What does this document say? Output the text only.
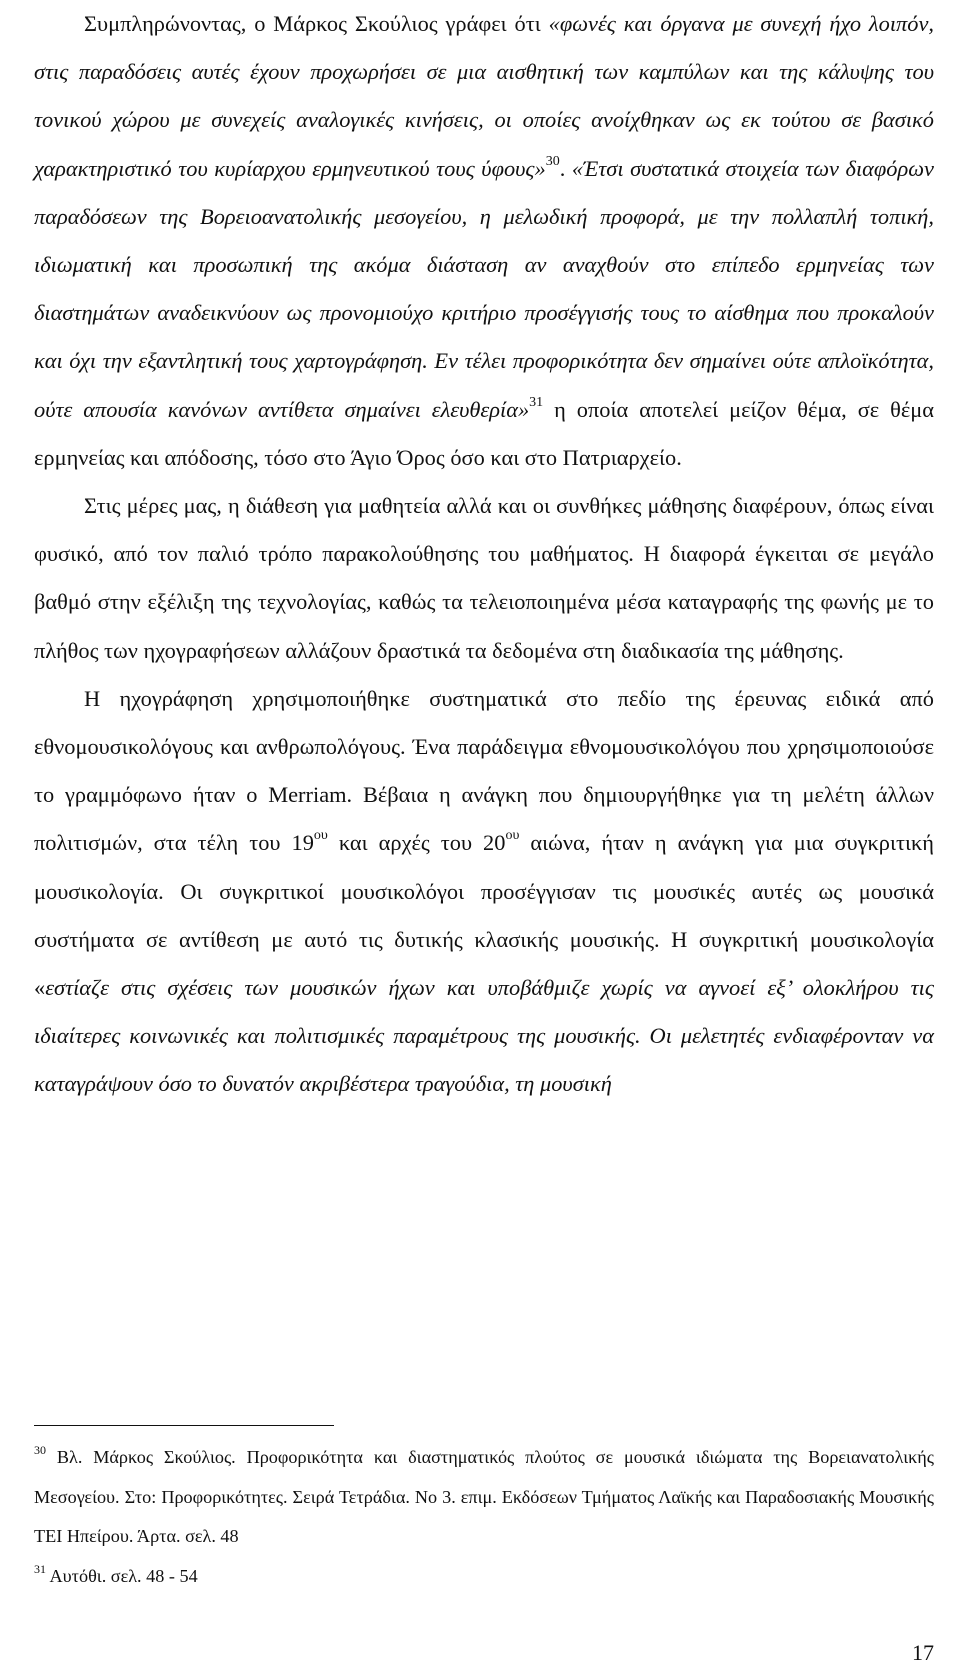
Συμπληρώνοντας, ο Μάρκος Σκούλιος γράφει ότι «φωνές και όργανα με συνεχή ήχο λοιπόν, στις παραδόσεις αυτές έχουν προχωρήσει σε μια αισθητική των καμπύλων και της κάλυψης του τονικού χώρου με συνεχείς αναλογικές κινήσεις, οι οποίες ανοίχθηκαν ως εκ τούτου σε βασικό χαρακτηριστικό του κυρίαρχου ερμηνευτικού τους ύφους»$^{30}$. «Έτσι συστατικά στοιχεία των διαφόρων παραδόσεων της Βορειοανατολικής μεσογείου, η μελωδική προφορά, με την πολλαπλή τοπική, ιδιωματική και προσωπική της ακόμα διάσταση αν αναχθούν στο επίπεδο ερμηνείας των διαστημάτων αναδεικνύουν ως προνομιούχο κριτήριο προσέγγισής τους το αίσθημα που προκαλούν και όχι την εξαντλητική τους χαρτογράφηση. Εν τέλει προφορικότητα δεν σημαίνει ούτε απλοϊκότητα, ούτε απουσία κανόνων αντίθετα σημαίνει ελευθερία»$^{31}$ η οποία αποτελεί μείζον θέμα, σε θέμα ερμηνείας και απόδοσης, τόσο στο Άγιο Όρος όσο και στο Πατριαρχείο.

Στις μέρες μας, η διάθεση για μαθητεία αλλά και οι συνθήκες μάθησης διαφέρουν, όπως είναι φυσικό, από τον παλιό τρόπο παρακολούθησης του μαθήματος. Η διαφορά έγκειται σε μεγάλο βαθμό στην εξέλιξη της τεχνολογίας, καθώς τα τελειοποιημένα μέσα καταγραφής της φωνής με το πλήθος των ηχογραφήσεων αλλάζουν δραστικά τα δεδομένα στη διαδικασία της μάθησης.

Η ηχογράφηση χρησιμοποιήθηκε συστηματικά στο πεδίο της έρευνας ειδικά από εθνομουσικολόγους και ανθρωπολόγους. Ένα παράδειγμα εθνομουσικολόγου που χρησιμοποιούσε το γραμμόφωνο ήταν ο Merriam. Βέβαια η ανάγκη που δημιουργήθηκε για τη μελέτη άλλων πολιτισμών, στα τέλη του $19^{o\upsilon}$ και αρχές του $20^{o\upsilon}$ αιώνα, ήταν η ανάγκη για μια συγκριτική μουσικολογία. Οι συγκριτικοί μουσικολόγοι προσέγγισαν τις μουσικές αυτές ως μουσικά συστήματα σε αντίθεση με αυτό τις δυτικής κλασικής μουσικής. Η συγκριτική μουσικολογία «εστίαζε στις σχέσεις των μουσικών ήχων και υποβάθμιζε χωρίς να αγνοεί εξ’ ολοκλήρου τις ιδιαίτερες κοινωνικές και πολιτισμικές παραμέτρους της μουσικής. Οι μελετητές ενδιαφέρονταν να καταγράψουν όσο το δυνατόν ακριβέστερα τραγούδια, τη μουσική

$^{30}$ Βλ. Μάρκος Σκούλιος. Προφορικότητα και διαστηματικός πλούτος σε μουσικά ιδιώματα της Βορειανατολικής Μεσογείου. Στο: Προφορικότητες. Σειρά Τετράδια. Νο 3. επιμ. Εκδόσεων Τμήματος Λαϊκής και Παραδοσιακής Μουσικής ΤΕΙ Ηπείρου. Άρτα. σελ. 48

$^{31}$ Αυτόθι. σελ. 48 - 54

17
